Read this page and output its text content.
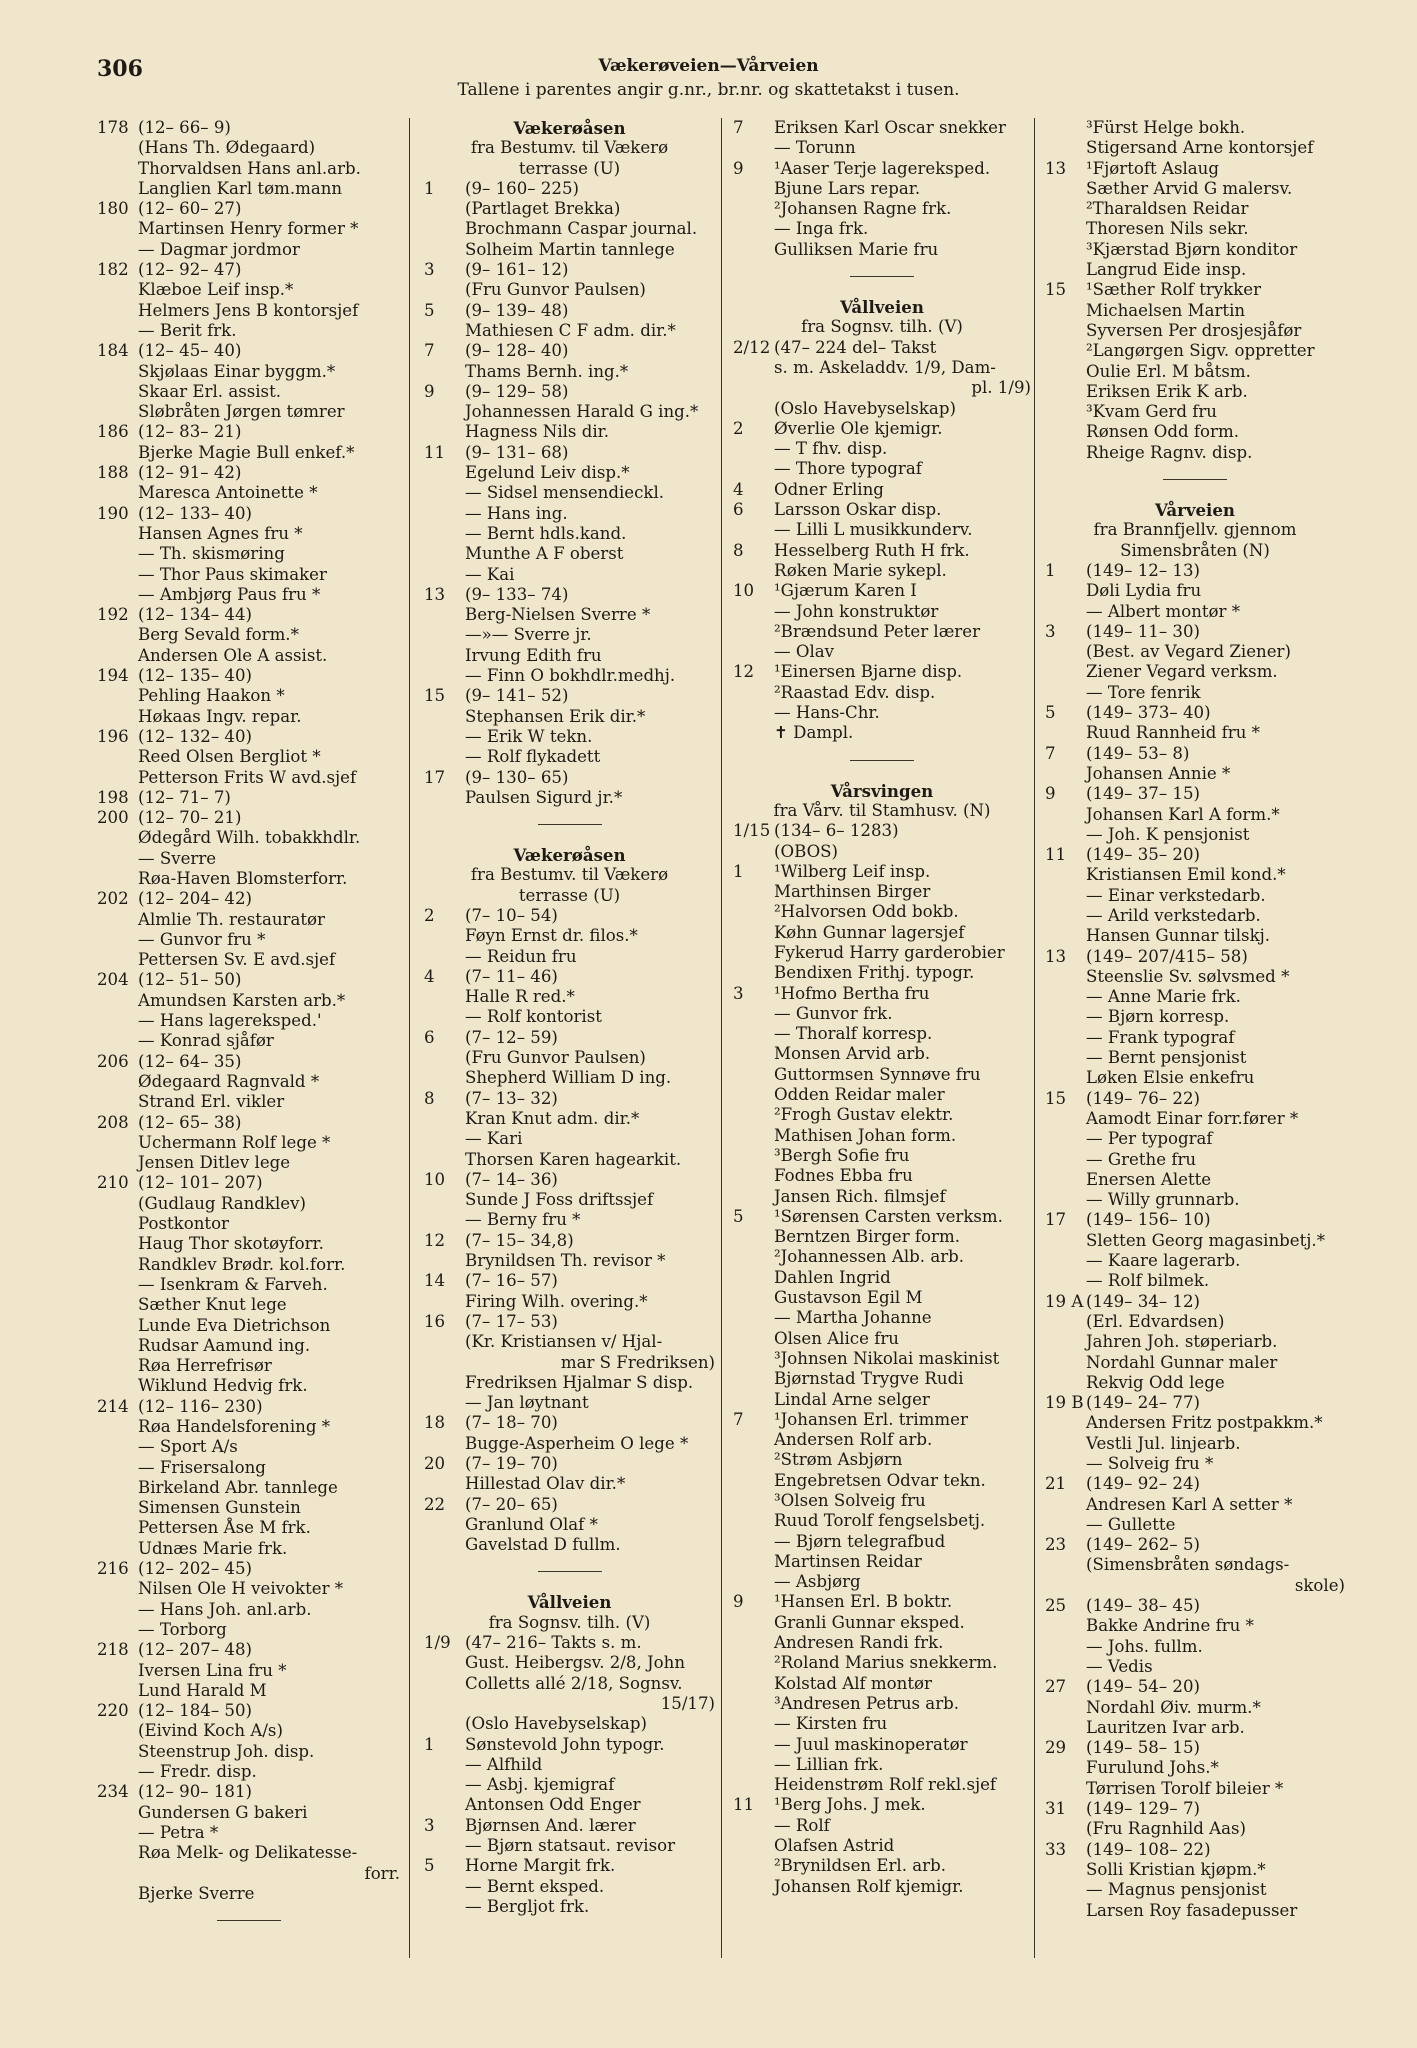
306	Vækerøveien—Vårveien
Tallene i parentes angir g.nr., br.nr. og skattetakst i tusen.
178 (12– 66– 9)
(Hans Th. Ødegaard)
Thorvaldsen Hans anl.arb.
Langlien Karl tøm.mann
180 (12– 60– 27)
Martinsen Henry former *
— Dagmar jordmor
182 (12– 92– 47)
Klæboe Leif insp.*
Helmers Jens B kontorsjef
— Berit frk.
184 (12– 45– 40)
Skjølaas Einar byggm.*
Skaar Erl. assist.
Sløbråten Jørgen tømrer
186 (12– 83– 21)
Bjerke Magie Bull enkef.*
188 (12– 91– 42)
Maresca Antoinette *
190 (12– 133– 40)
Hansen Agnes fru *
— Th. skismøring
— Thor Paus skimaker
— Ambjørg Paus fru *
192 (12– 134– 44)
Berg Sevald form.*
Andersen Ole A assist.
194 (12– 135– 40)
Pehling Haakon *
Høkaas Ingv. repar.
196 (12– 132– 40)
Reed Olsen Bergliot *
Petterson Frits W avd.sjef
198 (12– 71– 7)
200 (12– 70– 21)
Ødegård Wilh. tobakkhdlr.
— Sverre
Røa-Haven Blomsterforr.
202 (12– 204– 42)
Almlie Th. restauratør
— Gunvor fru *
Pettersen Sv. E avd.sjef
204 (12– 51– 50)
Amundsen Karsten arb.*
— Hans lagereksped.'
— Konrad sjåfør
206 (12– 64– 35)
Ødegaard Ragnvald *
Strand Erl. vikler
208 (12– 65– 38)
Uchermann Rolf lege *
Jensen Ditlev lege
210 (12– 101– 207)
(Gudlaug Randklev)
Postkontor
Haug Thor skotøyforr.
Randklev Brødr. kol.forr.
— Isenkram & Farveh.
Sæther Knut lege
Lunde Eva Dietrichson
Rudsar Aamund ing.
Røa Herrefrisør
Wiklund Hedvig frk.
214 (12– 116– 230)
Røa Handelsforening *
— Sport A/s
— Frisersalong
Birkeland Abr. tannlege
Simensen Gunstein
Pettersen Åse M frk.
Udnæs Marie frk.
216 (12– 202– 45)
Nilsen Ole H veivokter *
— Hans Joh. anl.arb.
— Torborg
218 (12– 207– 48)
Iversen Lina fru *
Lund Harald M
220 (12– 184– 50)
(Eivind Koch A/s)
Steenstrup Joh. disp.
— Fredr. disp.
234 (12– 90– 181)
Gundersen G bakeri
— Petra *
Røa Melk- og Delikatesse-
forr.
Bjerke Sverre
Vækerøåsen
fra Bestumv. til Vækerø
terrasse (U)
1 (9– 160– 225)
(Partlaget Brekka)
Brochmann Caspar journal.
Solheim Martin tannlege
3 (9– 161– 12)
(Fru Gunvor Paulsen)
5 (9– 139– 48)
Mathiesen C F adm. dir.*
7 (9– 128– 40)
Thams Bernh. ing.*
9 (9– 129– 58)
Johannessen Harald G ing.*
Hagness Nils dir.
11 (9– 131– 68)
Egelund Leiv disp.*
— Sidsel mensendieckl.
— Hans ing.
— Bernt hdls.kand.
Munthe A F oberst
— Kai
13 (9– 133– 74)
Berg-Nielsen Sverre *
—»— Sverre jr.
Irvung Edith fru
— Finn O bokhdlr.medhj.
15 (9– 141– 52)
Stephansen Erik dir.*
— Erik W tekn.
— Rolf flykadett
17 (9– 130– 65)
Paulsen Sigurd jr.*
Vækerøåsen
fra Bestumv. til Vækerø
terrasse (U)
2 (7– 10– 54)
Føyn Ernst dr. filos.*
— Reidun fru
4 (7– 11– 46)
Halle R red.*
— Rolf kontorist
6 (7– 12– 59)
(Fru Gunvor Paulsen)
Shepherd William D ing.
8 (7– 13– 32)
Kran Knut adm. dir.*
— Kari
Thorsen Karen hagearkit.
10 (7– 14– 36)
Sunde J Foss driftssjef
— Berny fru *
12 (7– 15– 34,8)
Brynildsen Th. revisor *
14 (7– 16– 57)
Firing Wilh. overing.*
16 (7– 17– 53)
(Kr. Kristiansen v/ Hjal-
mar S Fredriksen)
Fredriksen Hjalmar S disp.
— Jan løytnant
18 (7– 18– 70)
Bugge-Asperheim O lege *
20 (7– 19– 70)
Hillestad Olav dir.*
22 (7– 20– 65)
Granlund Olaf *
Gavelstad D fullm.
Vållveien
fra Sognsv. tilh. (V)
1/9 (47– 216– Takts s. m.
Gust. Heibergsv. 2/8, John
Colletts allé 2/18, Sognsv.
15/17)
(Oslo Havebyselskap)
1 Sønstevold John typogr.
— Alfhild
— Asbj. kjemigraf
Antonsen Odd Enger
3 Bjørnsen And. lærer
— Bjørn statsaut. revisor
5 Horne Margit frk.
— Bernt eksped.
— Bergljot frk.
7 Eriksen Karl Oscar snekker
— Torunn
9 ¹Aaser Terje lagereksped.
Bjune Lars repar.
²Johansen Ragne frk.
— Inga frk.
Gulliksen Marie fru
Vållveien
fra Sognsv. tilh. (V)
2/12 (47– 224 del– Takst
s. m. Askeladdv. 1/9, Dam-
pl. 1/9)
(Oslo Havebyselskap)
2 Øverlie Ole kjemigr.
— T fhv. disp.
— Thore typograf
4 Odner Erling
6 Larsson Oskar disp.
— Lilli L musikkunderv.
8 Hesselberg Ruth H frk.
Røken Marie sykepl.
10 ¹Gjærum Karen I
— John konstruktør
²Brændsund Peter lærer
— Olav
12 ¹Einersen Bjarne disp.
²Raastad Edv. disp.
— Hans-Chr.
✝ Dampl.
Vårsvingen
fra Vårv. til Stamhusv. (N)
1/15 (134– 6– 1283)
(OBOS)
1 ¹Wilberg Leif insp.
Marthinsen Birger
²Halvorsen Odd bokb.
Køhn Gunnar lagersjef
Fykerud Harry garderobier
Bendixen Frithj. typogr.
3 ¹Hofmo Bertha fru
— Gunvor frk.
— Thoralf korresp.
Monsen Arvid arb.
Guttormsen Synnøve fru
Odden Reidar maler
²Frogh Gustav elektr.
Mathisen Johan form.
³Bergh Sofie fru
Fodnes Ebba fru
Jansen Rich. filmsjef
5 ¹Sørensen Carsten verksm.
Berntzen Birger form.
²Johannessen Alb. arb.
Dahlen Ingrid
Gustavson Egil M
— Martha Johanne
Olsen Alice fru
³Johnsen Nikolai maskinist
Bjørnstad Trygve Rudi
Lindal Arne selger
7 ¹Johansen Erl. trimmer
Andersen Rolf arb.
²Strøm Asbjørn
Engebretsen Odvar tekn.
³Olsen Solveig fru
Ruud Torolf fengselsbetj.
— Bjørn telegrafbud
Martinsen Reidar
— Asbjørg
9 ¹Hansen Erl. B boktr.
Granli Gunnar eksped.
Andresen Randi frk.
²Roland Marius snekkerm.
Kolstad Alf montør
³Andresen Petrus arb.
— Kirsten fru
— Juul maskinoperatør
— Lillian frk.
Heidenstrøm Rolf rekl.sjef
11 ¹Berg Johs. J mek.
— Rolf
Olafsen Astrid
²Brynildsen Erl. arb.
Johansen Rolf kjemigr.
³Fürst Helge bokh.
Stigersand Arne kontorsjef
13 ¹Fjørtoft Aslaug
Sæther Arvid G malersv.
²Tharaldsen Reidar
Thoresen Nils sekr.
³Kjærstad Bjørn konditor
Langrud Eide insp.
15 ¹Sæther Rolf trykker
Michaelsen Martin
Syversen Per drosjesjåfør
²Langørgen Sigv. oppretter
Oulie Erl. M båtsm.
Eriksen Erik K arb.
³Kvam Gerd fru
Rønsen Odd form.
Rheige Ragnv. disp.
Vårveien
fra Brannfjellv. gjennom
Simensbråten (N)
1 (149– 12– 13)
Døli Lydia fru
— Albert montør *
3 (149– 11– 30)
(Best. av Vegard Ziener)
Ziener Vegard verksm.
— Tore fenrik
5 (149– 373– 40)
Ruud Rannheid fru *
7 (149– 53– 8)
Johansen Annie *
9 (149– 37– 15)
Johansen Karl A form.*
— Joh. K pensjonist
11 (149– 35– 20)
Kristiansen Emil kond.*
— Einar verkstedarb.
— Arild verkstedarb.
Hansen Gunnar tilskj.
13 (149– 207/415– 58)
Steenslie Sv. sølvsmed *
— Anne Marie frk.
— Bjørn korresp.
— Frank typograf
— Bernt pensjonist
Løken Elsie enkefru
15 (149– 76– 22)
Aamodt Einar forr.fører *
— Per typograf
— Grethe fru
Enersen Alette
— Willy grunnarb.
17 (149– 156– 10)
Sletten Georg magasinbetj.*
— Kaare lagerarb.
— Rolf bilmek.
19 A (149– 34– 12)
(Erl. Edvardsen)
Jahren Joh. støperiarb.
Nordahl Gunnar maler
Rekvig Odd lege
19 B (149– 24– 77)
Andersen Fritz postpakkm.*
Vestli Jul. linjearb.
— Solveig fru *
21 (149– 92– 24)
Andresen Karl A setter *
— Gullette
23 (149– 262– 5)
(Simensbråten søndags-
skole)
25 (149– 38– 45)
Bakke Andrine fru *
— Johs. fullm.
— Vedis
27 (149– 54– 20)
Nordahl Øiv. murm.*
Lauritzen Ivar arb.
29 (149– 58– 15)
Furulund Johs.*
Tørrisen Torolf bileier *
31 (149– 129– 7)
(Fru Ragnhild Aas)
33 (149– 108– 22)
Solli Kristian kjøpm.*
— Magnus pensjonist
Larsen Roy fasadepusser
